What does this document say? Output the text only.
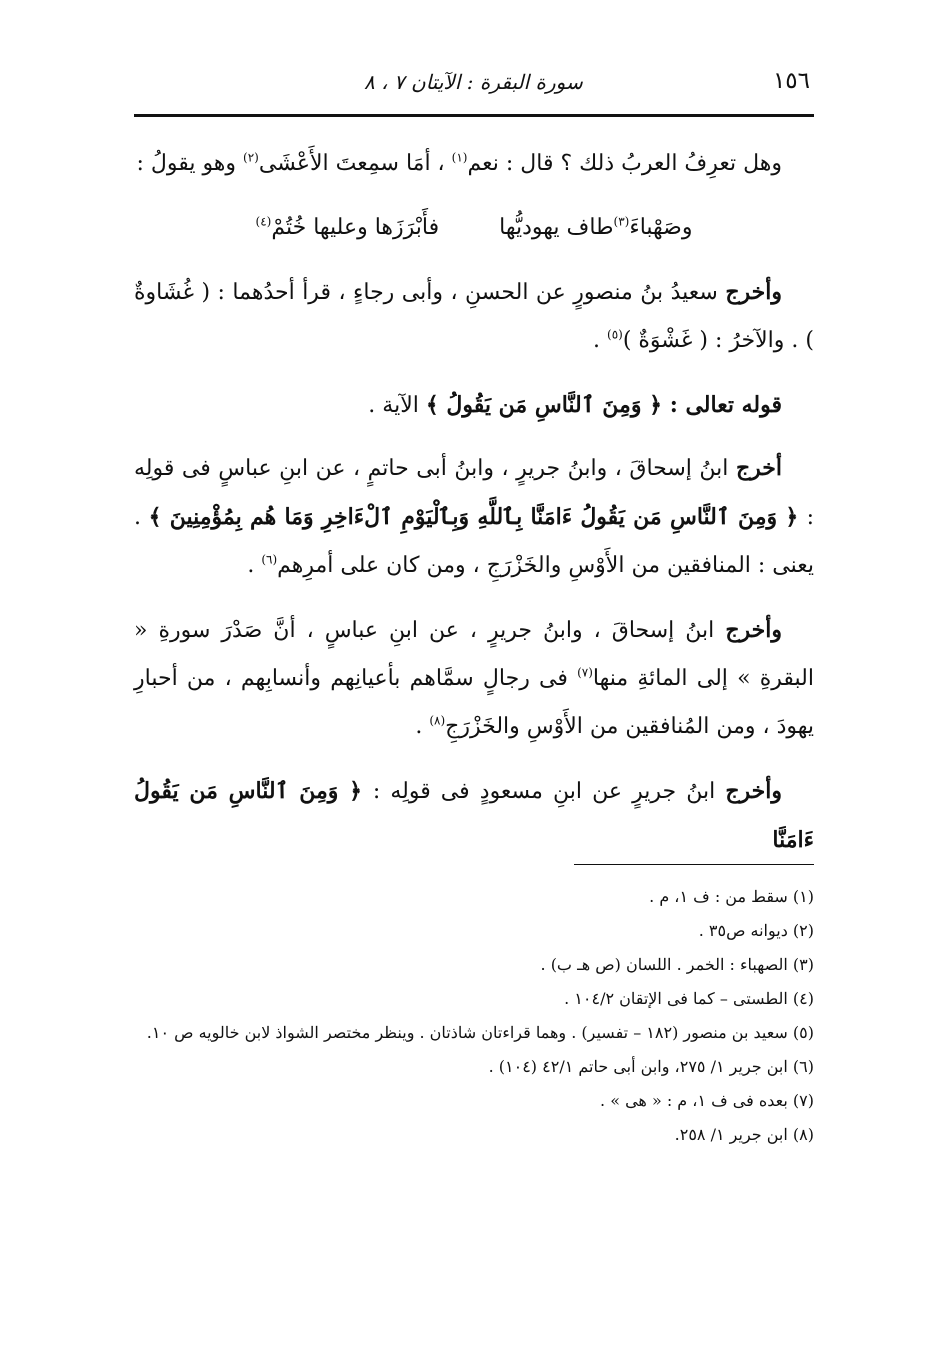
١٥٦
سورة البقرة : الآيتان ٧ ، ٨

وهل تعرِفُ العربُ ذلك ؟ قال : نعم$^{(١)}$ ، أمَا سمِعتَ الأَعْشَى$^{(٢)}$ وهو يقولُ :

وصَهْباءَ$^{(٣)}$طاف يهوديُّها
فأَبْرَزَها وعليها خُتُمْ$^{(٤)}$

وأخرج سعيدُ بنُ منصورٍ عن الحسنِ ، وأبى رجاءٍ ، قرأ أحدُهما : ( غُشَاوةٌ ) . والآخرُ : ( غَشْوَةٌ )$^{(٥)}$ .

قوله تعالى : ﴿ وَمِنَ ٱلنَّاسِ مَن يَقُولُ ﴾ الآية .

أخرج ابنُ إسحاقَ ، وابنُ جريرٍ ، وابنُ أبى حاتمٍ ، عن ابنِ عباسٍ فى قولِه : ﴿ وَمِنَ ٱلنَّاسِ مَن يَقُولُ ءَامَنَّا بِٱللَّهِ وَبِٱلْيَوْمِ ٱلْءَاخِرِ وَمَا هُم بِمُؤْمِنِينَ ﴾ . يعنى : المنافقين من الأَوْسِ والخَزْرَجِ ، ومن كان على أمرِهم$^{(٦)}$ .

وأخرج ابنُ إسحاقَ ، وابنُ جريرٍ ، عن ابنِ عباسٍ ، أنَّ صَدْرَ سورةِ « البقرةِ » إلى المائةِ منها$^{(٧)}$ فى رجالٍ سمَّاهم بأعيانِهم وأنسابِهم ، من أحبارِ يهودَ ، ومن المُنافقين من الأَوْسِ والخَزْرَجِ$^{(٨)}$ .

وأخرج ابنُ جريرٍ عن ابنِ مسعودٍ فى قولِه : ﴿ وَمِنَ ٱلنَّاسِ مَن يَقُولُ ءَامَنَّا

(١) سقط من : ف ١، م .

(٢) ديوانه ص٣٥ .

(٣) الصهباء : الخمر . اللسان (ص هـ ب) .

(٤) الطستى – كما فى الإتقان ١٠٤/٢ .

(٥) سعيد بن منصور (١٨٢ – تفسير) . وهما قراءتان شاذتان . وينظر مختصر الشواذ لابن خالويه ص ١٠.

(٦) ابن جرير ١/ ٢٧٥، وابن أبى حاتم ٤٢/١ (١٠٤) .

(٧) بعده فى ف ١، م : « هى » .

(٨) ابن جرير ١/ ٢٥٨.
